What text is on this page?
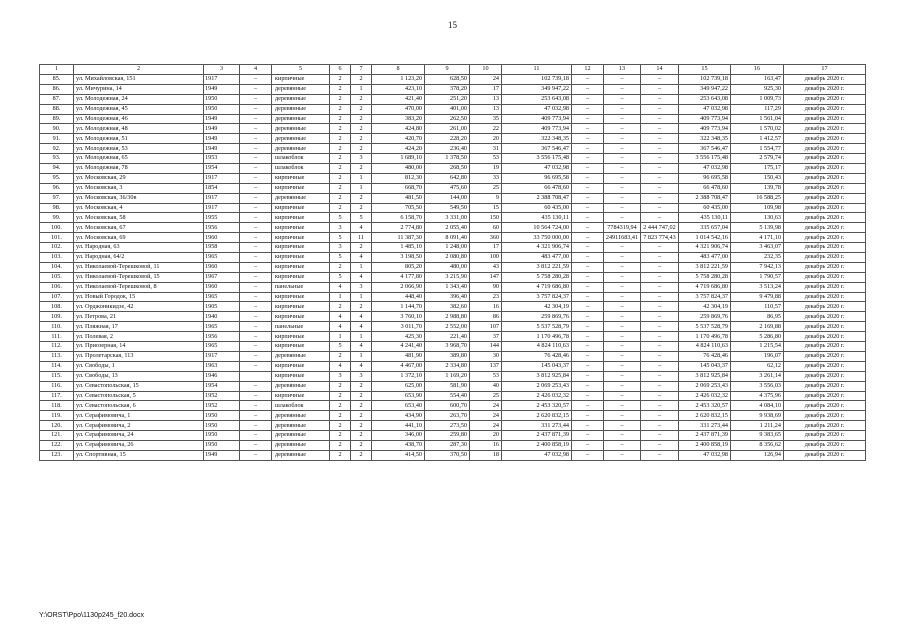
15
1	2	3	4	5	6	7	8	9	10	11	12	13	14	15	16	17
85.	ул. Михайловская, 151	1917	–	кирпичные	2	2	1 123,20	628,50	24	102 739,18	–	–	–	102 739,18	163,47	декабрь 2020 г.
86.	ул. Мичурина, 14	1949	–	деревянные	2	1	423,10	378,20	17	349 947,22	–	–	–	349 947,22	925,30	декабрь 2020 г.
87.	ул. Молодежная, 24	1950	–	деревянные	2	2	421,40	251,20	13	253 643,08	–	–	–	253 643,08	1 009,73	декабрь 2020 г.
88.	ул. Молодежная, 45	1950	–	деревянные	2	2	470,00	401,00	13	47 032,98	–	–	–	47 032,98	117,29	декабрь 2020 г.
89.	ул. Молодежная, 46	1949	–	деревянные	2	2	383,20	262,50	35	409 773,94	–	–	–	409 773,94	1 561,04	декабрь 2020 г.
90.	ул. Молодежная, 48	1949	–	деревянные	2	2	424,80	261,00	22	409 773,94	–	–	–	409 773,94	1 570,02	декабрь 2020 г.
91.	ул. Молодежная, 51	1949	–	деревянные	2	2	420,70	228,20	20	322 348,35	–	–	–	322 348,35	1 412,57	декабрь 2020 г.
92.	ул. Молодежная, 53	1949	–	деревянные	2	2	424,20	236,40	31	367 546,47	–	–	–	367 546,47	1 554,77	декабрь 2020 г.
93.	ул. Молодежная, 65	1953	–	шлакоблок	2	3	1 689,10	1 378,50	53	3 556 175,48	–	–	–	3 556 175,48	2 579,74	декабрь 2020 г.
94.	ул. Молодежная, 78	1954	–	шлакоблок	2	2	480,00	268,50	19	47 032,98	–	–	–	47 032,98	175,17	декабрь 2020 г.
95.	ул. Московская, 29	1917	–	кирпичные	2	1	812,30	642,80	33	96 695,58	–	–	–	96 695,58	150,43	декабрь 2020 г.
96.	ул. Московская, 3	1854	–	кирпичные	2	1	668,70	475,60	25	66 478,60	–	–	–	66 478,60	139,78	декабрь 2020 г.
97.	ул. Московская, 36/30в	1917	–	деревянные	2	2	481,50	144,00	9	2 388 708,47	–	–	–	2 388 708,47	16 588,25	декабрь 2020 г.
98.	ул. Московская, 4	1917	–	кирпичные	2	2	705,50	549,50	15	60 435,00	–	–	–	60 435,00	109,98	декабрь 2020 г.
99.	ул. Московская, 58	1955	–	кирпичные	5	5	6 158,70	3 331,00	150	435 130,11	–	–	–	435 130,11	130,63	декабрь 2020 г.
100.	ул. Московская, 67	1956	–	кирпичные	3	4	2 774,80	2 055,40	60	10 564 724,00	–	7784319,94	2 444 747,02	335 657,04	5 139,98	декабрь 2020 г.
101.	ул. Московская, 69	1960	–	кирпичные	5	11	11 387,30	8 091,40	360	33 750 000,00	–	24911683,41	7 823 774,43	1 014 542,16	4 171,10	декабрь 2020 г.
102.	ул. Народная, 63	1958	–	кирпичные	3	2	1 485,10	1 248,00	17	4 321 906,74	–	–	–	4 321 906,74	3 463,07	декабрь 2020 г.
103.	ул. Народная, 64/2	1965	–	кирпичные	5	4	3 198,50	2 080,80	100	483 477,00	–	–	–	483 477,00	232,35	декабрь 2020 г.
104.	ул. Николаевой-Терешковой, 11	1960	–	кирпичные	2	1	805,20	480,00	43	3 812 221,59	–	–	–	3 812 221,59	7 942,13	декабрь 2020 г.
105.	ул. Николаевой-Терешковой, 15	1967	–	кирпичные	5	4	4 177,80	3 215,90	147	5 758 280,28	–	–	–	5 758 280,28	1 790,57	декабрь 2020 г.
106.	ул. Николаевой-Терешковой, 8	1960	–	панельные	4	3	2 066,90	1 343,40	90	4 719 686,80	–	–	–	4 719 686,80	3 513,24	декабрь 2020 г.
107.	ул. Новый Городок, 15	1965	–	кирпичные	1	1	448,40	396,40	23	3 757 824,37	–	–	–	3 757 824,37	9 479,88	декабрь 2020 г.
108.	ул. Орджоникидзе, 42	1905	–	кирпичные	2	2	1 144,70	382,60	16	42 304,19	–	–	–	42 304,19	110,57	декабрь 2020 г.
109.	ул. Петрова, 21	1940	–	кирпичные	4	4	3 760,10	2 988,80	86	259 869,76	–	–	–	259 869,76	86,95	декабрь 2020 г.
110.	ул. Пляжная, 17	1965	–	панельные	4	4	3 011,70	2 552,00	107	5 537 528,79	–	–	–	5 537 528,79	2 169,88	декабрь 2020 г.
111.	ул. Полевая, 2	1956	–	кирпичные	1	1	425,30	221,40	37	1 170 496,78	–	–	–	1 170 496,78	5 286,80	декабрь 2020 г.
112.	ул. Приозерная, 14	1965	–	кирпичные	5	4	4 241,40	3 968,70	144	4 824 110,63	–	–	–	4 824 110,63	1 215,54	декабрь 2020 г.
113.	ул. Пролетарская, 113	1917	–	деревянные	2	1	481,90	389,80	30	76 428,46	–	–	–	76 428,46	196,07	декабрь 2020 г.
114.	ул. Свободы, 1	1963	–	кирпичные	4	4	4 467,00	2 334,80	137	145 043,37	–	–	–	145 043,37	62,12	декабрь 2020 г.
115.	ул. Свободы, 13	1946		кирпичные	3	3	1 372,10	1 169,20	53	3 812 925,84	–	–	–	3 812 925,84	3 261,14	декабрь 2020 г.
116.	ул. Севастопольская, 15	1954	–	деревянные	2	2	625,00	581,90	40	2 069 253,43	–	–	–	2 069 253,43	3 556,03	декабрь 2020 г.
117.	ул. Севастопольская, 5	1952	–	кирпичные	2	2	653,90	554,40	25	2 426 032,32	–	–	–	2 426 032,32	4 375,96	декабрь 2020 г.
118.	ул. Севастопольская, 6	1952	–	шлакоблок	2	2	653,40	600,70	24	2 453 320,57	–	–	–	2 453 320,57	4 084,10	декабрь 2020 г.
119.	ул. Серафимовича, 1	1950	–	деревянные	2	2	434,90	263,70	24	2 620 832,15	–	–	–	2 620 832,15	9 938,69	декабрь 2020 г.
120.	ул. Серафимовича, 2	1950	–	деревянные	2	2	441,10	273,50	24	331 273,44	–	–	–	331 273,44	1 211,24	декабрь 2020 г.
121.	ул. Серафимовича, 24	1950	–	деревянные	2	2	346,00	259,80	20	2 437 871,39	–	–	–	2 437 871,39	9 383,65	декабрь 2020 г.
122.	ул. Серафимовича, 26	1950	–	деревянные	2	2	438,70	287,30	16	2 400 858,19	–	–	–	2 400 858,19	8 356,62	декабрь 2020 г.
123.	ул. Спортивная, 15	1949	–	деревянные	2	2	414,50	370,50	18	47 032,98	–	–	–	47 032,98	126,94	декабрь 2020 г.
Y:\ORST\Ppo\1130p245_f20.docx
